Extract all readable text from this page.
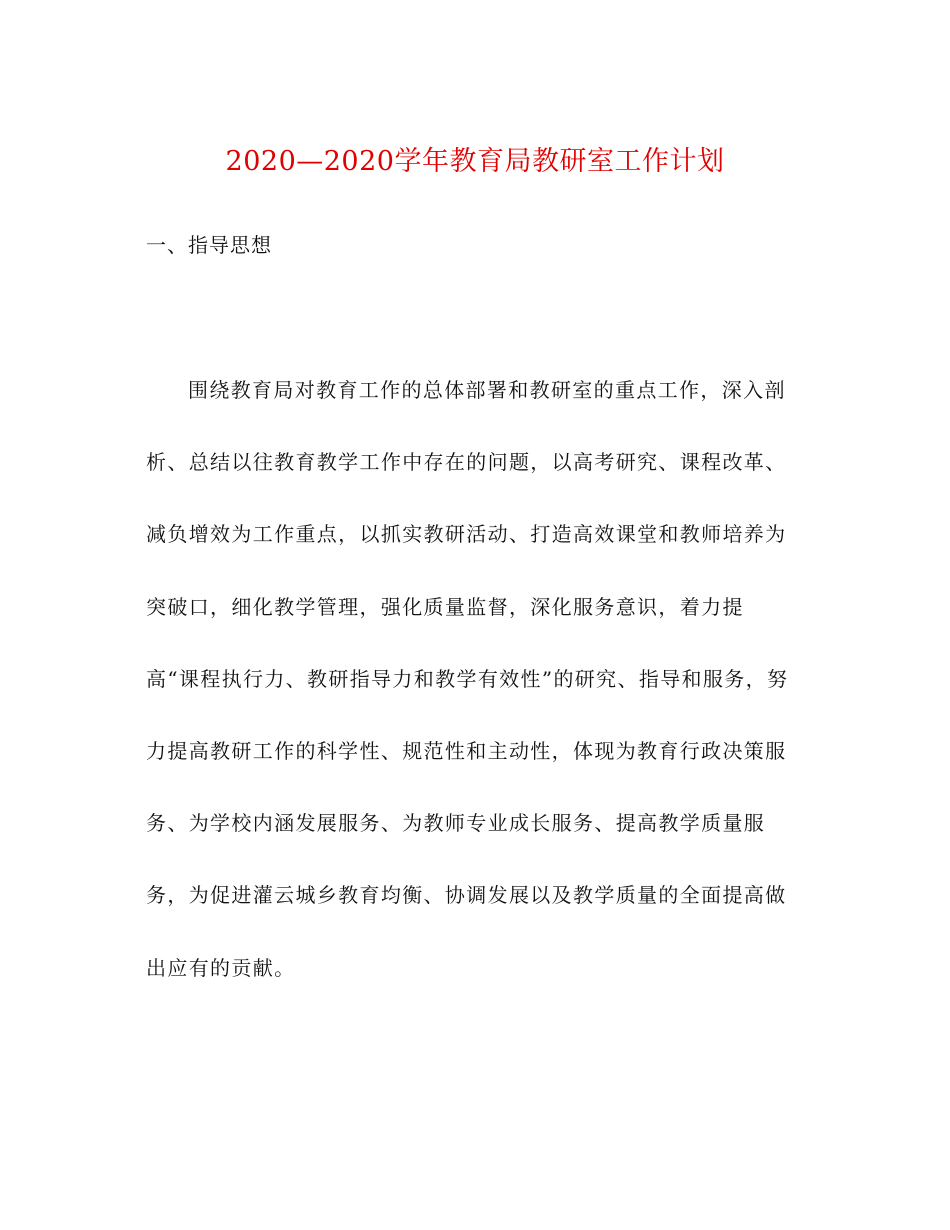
2020—2020学年教育局教研室工作计划
一、指导思想
围绕教育局对教育工作的总体部署和教研室的重点工作，深入剖
析、总结以往教育教学工作中存在的问题，以高考研究、课程改革、
减负增效为工作重点，以抓实教研活动、打造高效课堂和教师培养为
突破口，细化教学管理，强化质量监督，深化服务意识，着力提
高“课程执行力、教研指导力和教学有效性”的研究、指导和服务，努
力提高教研工作的科学性、规范性和主动性，体现为教育行政决策服
务、为学校内涵发展服务、为教师专业成长服务、提高教学质量服
务，为促进灌云城乡教育均衡、协调发展以及教学质量的全面提高做
出应有的贡献。
